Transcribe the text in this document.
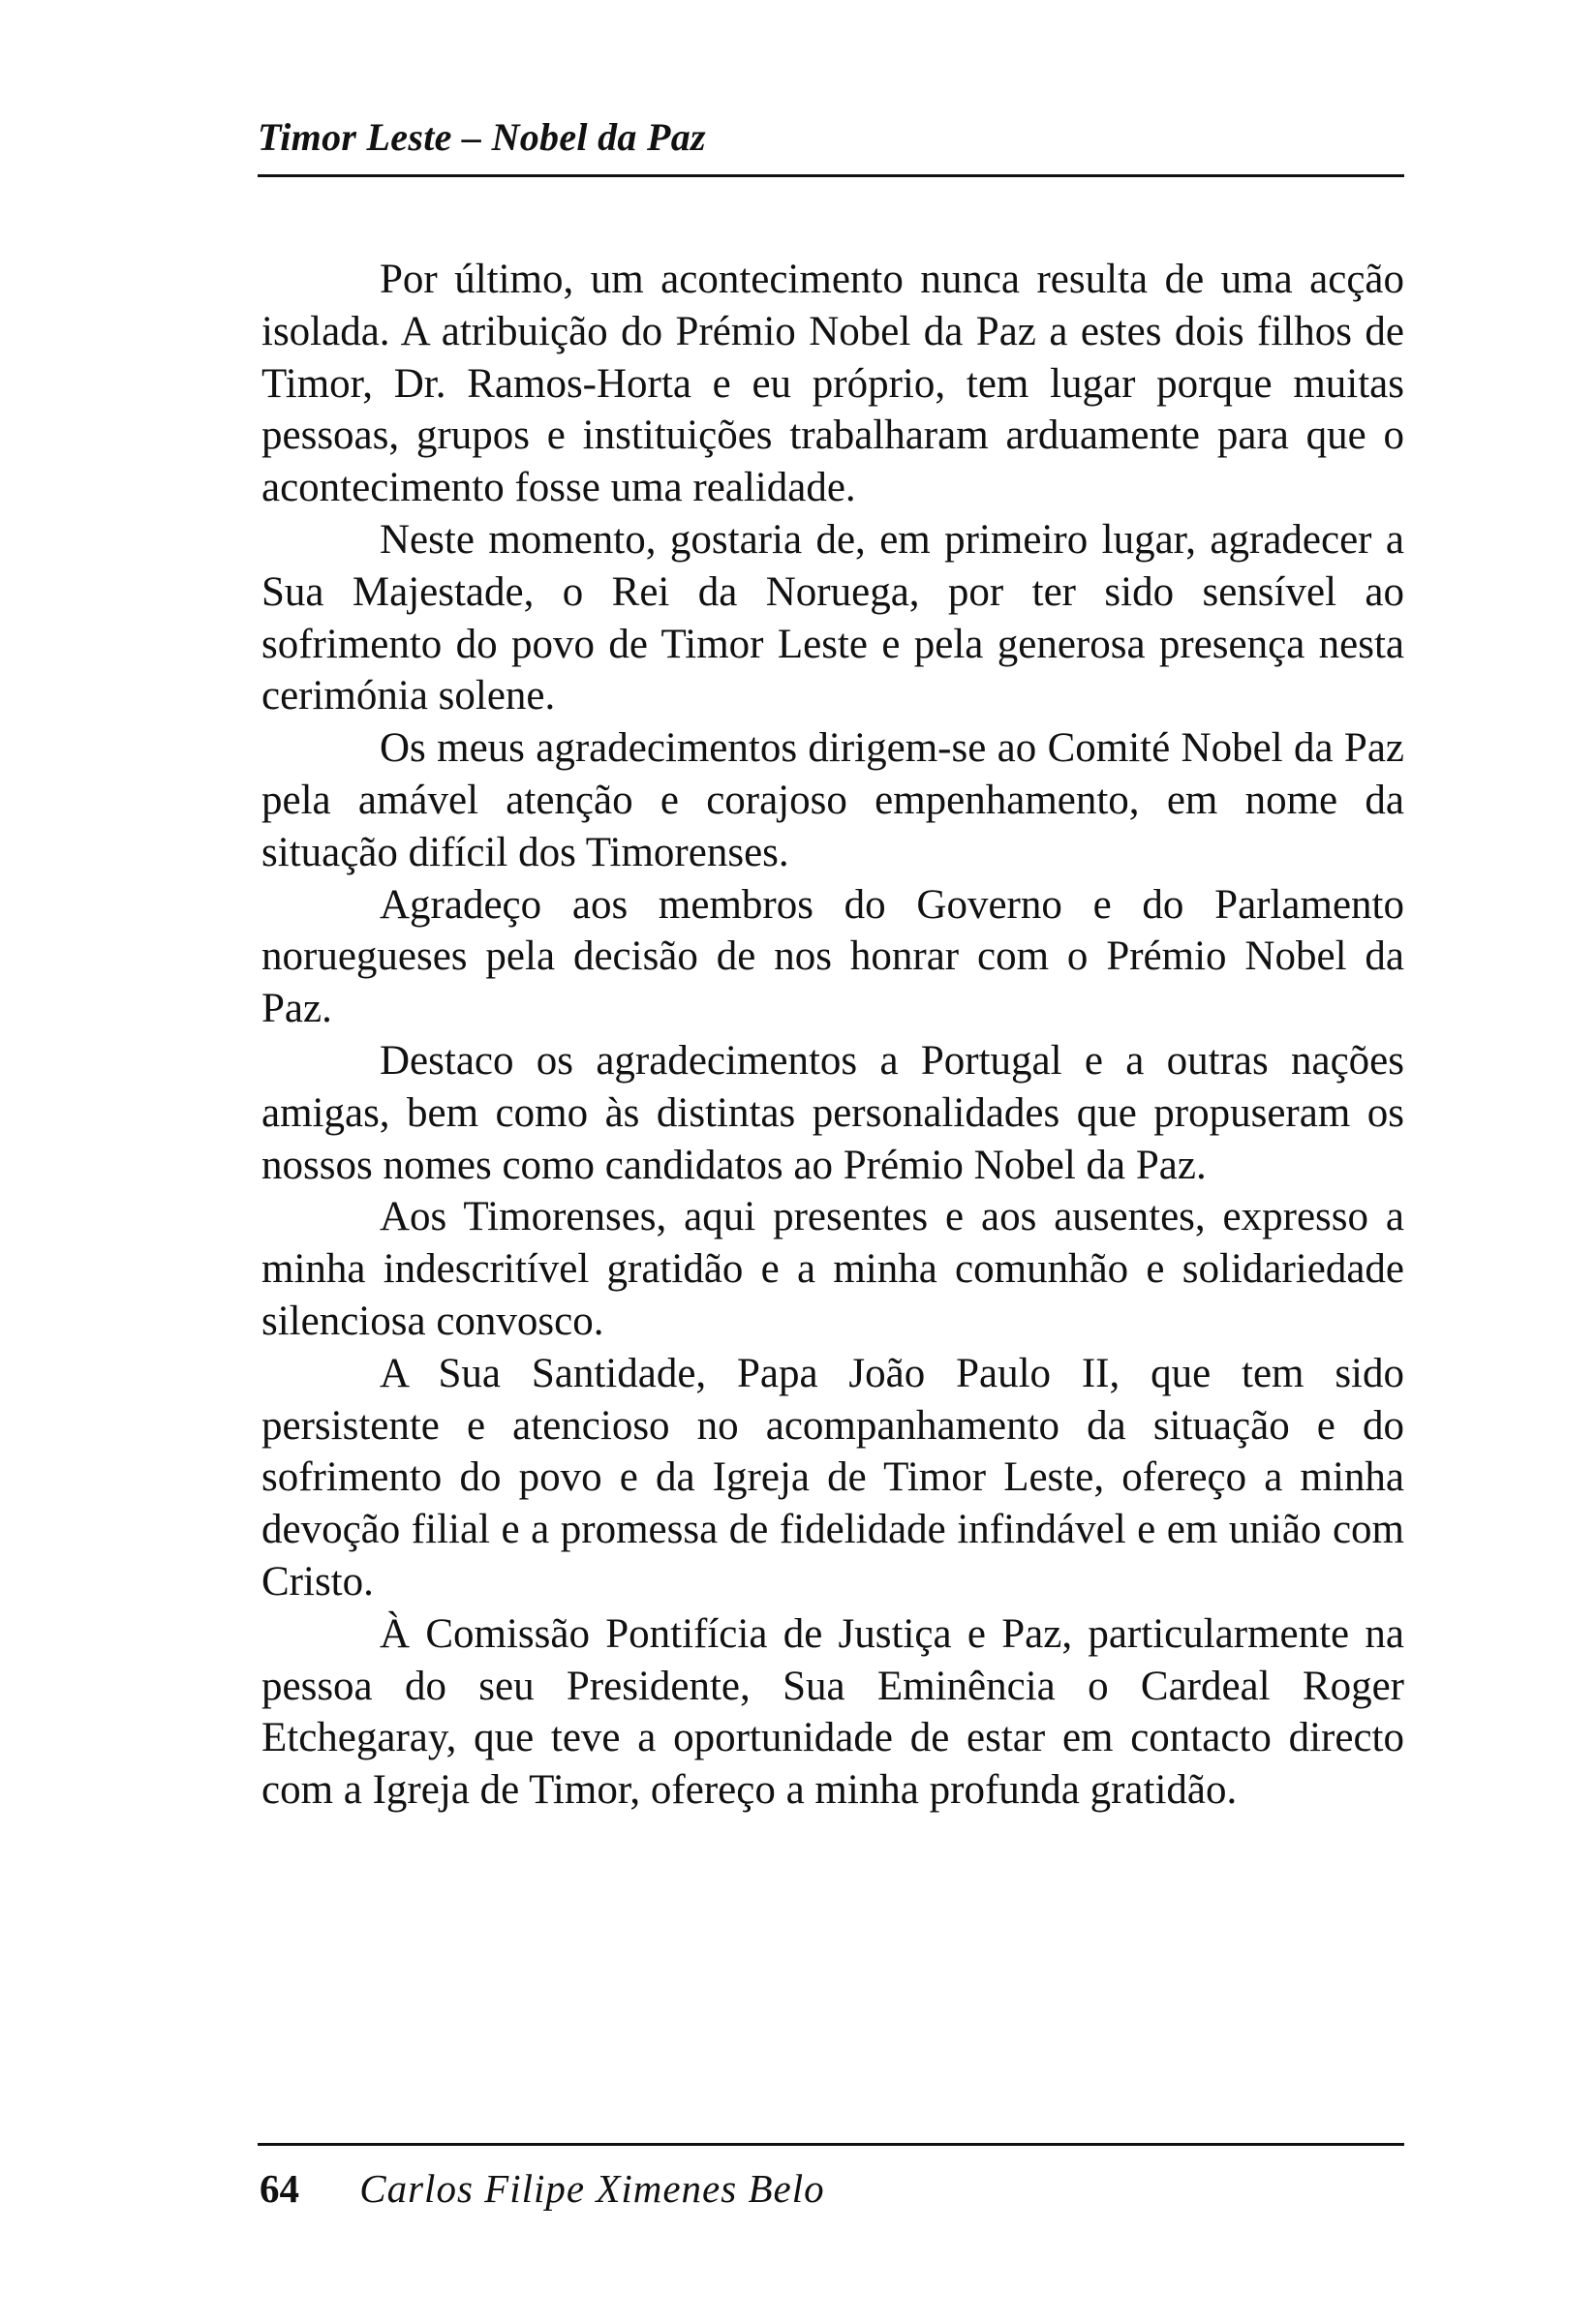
Timor Leste – Nobel da Paz

Por último, um acontecimento nunca resulta de uma acção isolada. A atribuição do Prémio Nobel da Paz a estes dois filhos de Timor, Dr. Ramos-Horta e eu próprio, tem lugar porque muitas pessoas, grupos e instituições trabalharam arduamente para que o acontecimento fosse uma realidade.

Neste momento, gostaria de, em primeiro lugar, agradecer a Sua Majestade, o Rei da Noruega, por ter sido sensível ao sofrimento do povo de Timor Leste e pela generosa presença nesta cerimónia solene.

Os meus agradecimentos dirigem-se ao Comité Nobel da Paz pela amável atenção e corajoso empenhamento, em nome da situação difícil dos Timorenses.

Agradeço aos membros do Governo e do Parlamento noruegueses pela decisão de nos honrar com o Prémio Nobel da Paz.

Destaco os agradecimentos a Portugal e a outras nações amigas, bem como às distintas personalidades que propuseram os nossos nomes como candidatos ao Prémio Nobel da Paz.

Aos Timorenses, aqui presentes e aos ausentes, expresso a minha indescritível gratidão e a minha comunhão e solidariedade silenciosa convosco.

A Sua Santidade, Papa João Paulo II, que tem sido persistente e atencioso no acompanhamento da situação e do sofrimento do povo e da Igreja de Timor Leste, ofereço a minha devoção filial e a promessa de fidelidade infindável e em união com Cristo.

À Comissão Pontifícia de Justiça e Paz, particularmente na pessoa do seu Presidente, Sua Eminência o Cardeal Roger Etchegaray, que teve a oportunidade de estar em contacto directo com a Igreja de Timor, ofereço a minha profunda gratidão.

64 Carlos Filipe Ximenes Belo
